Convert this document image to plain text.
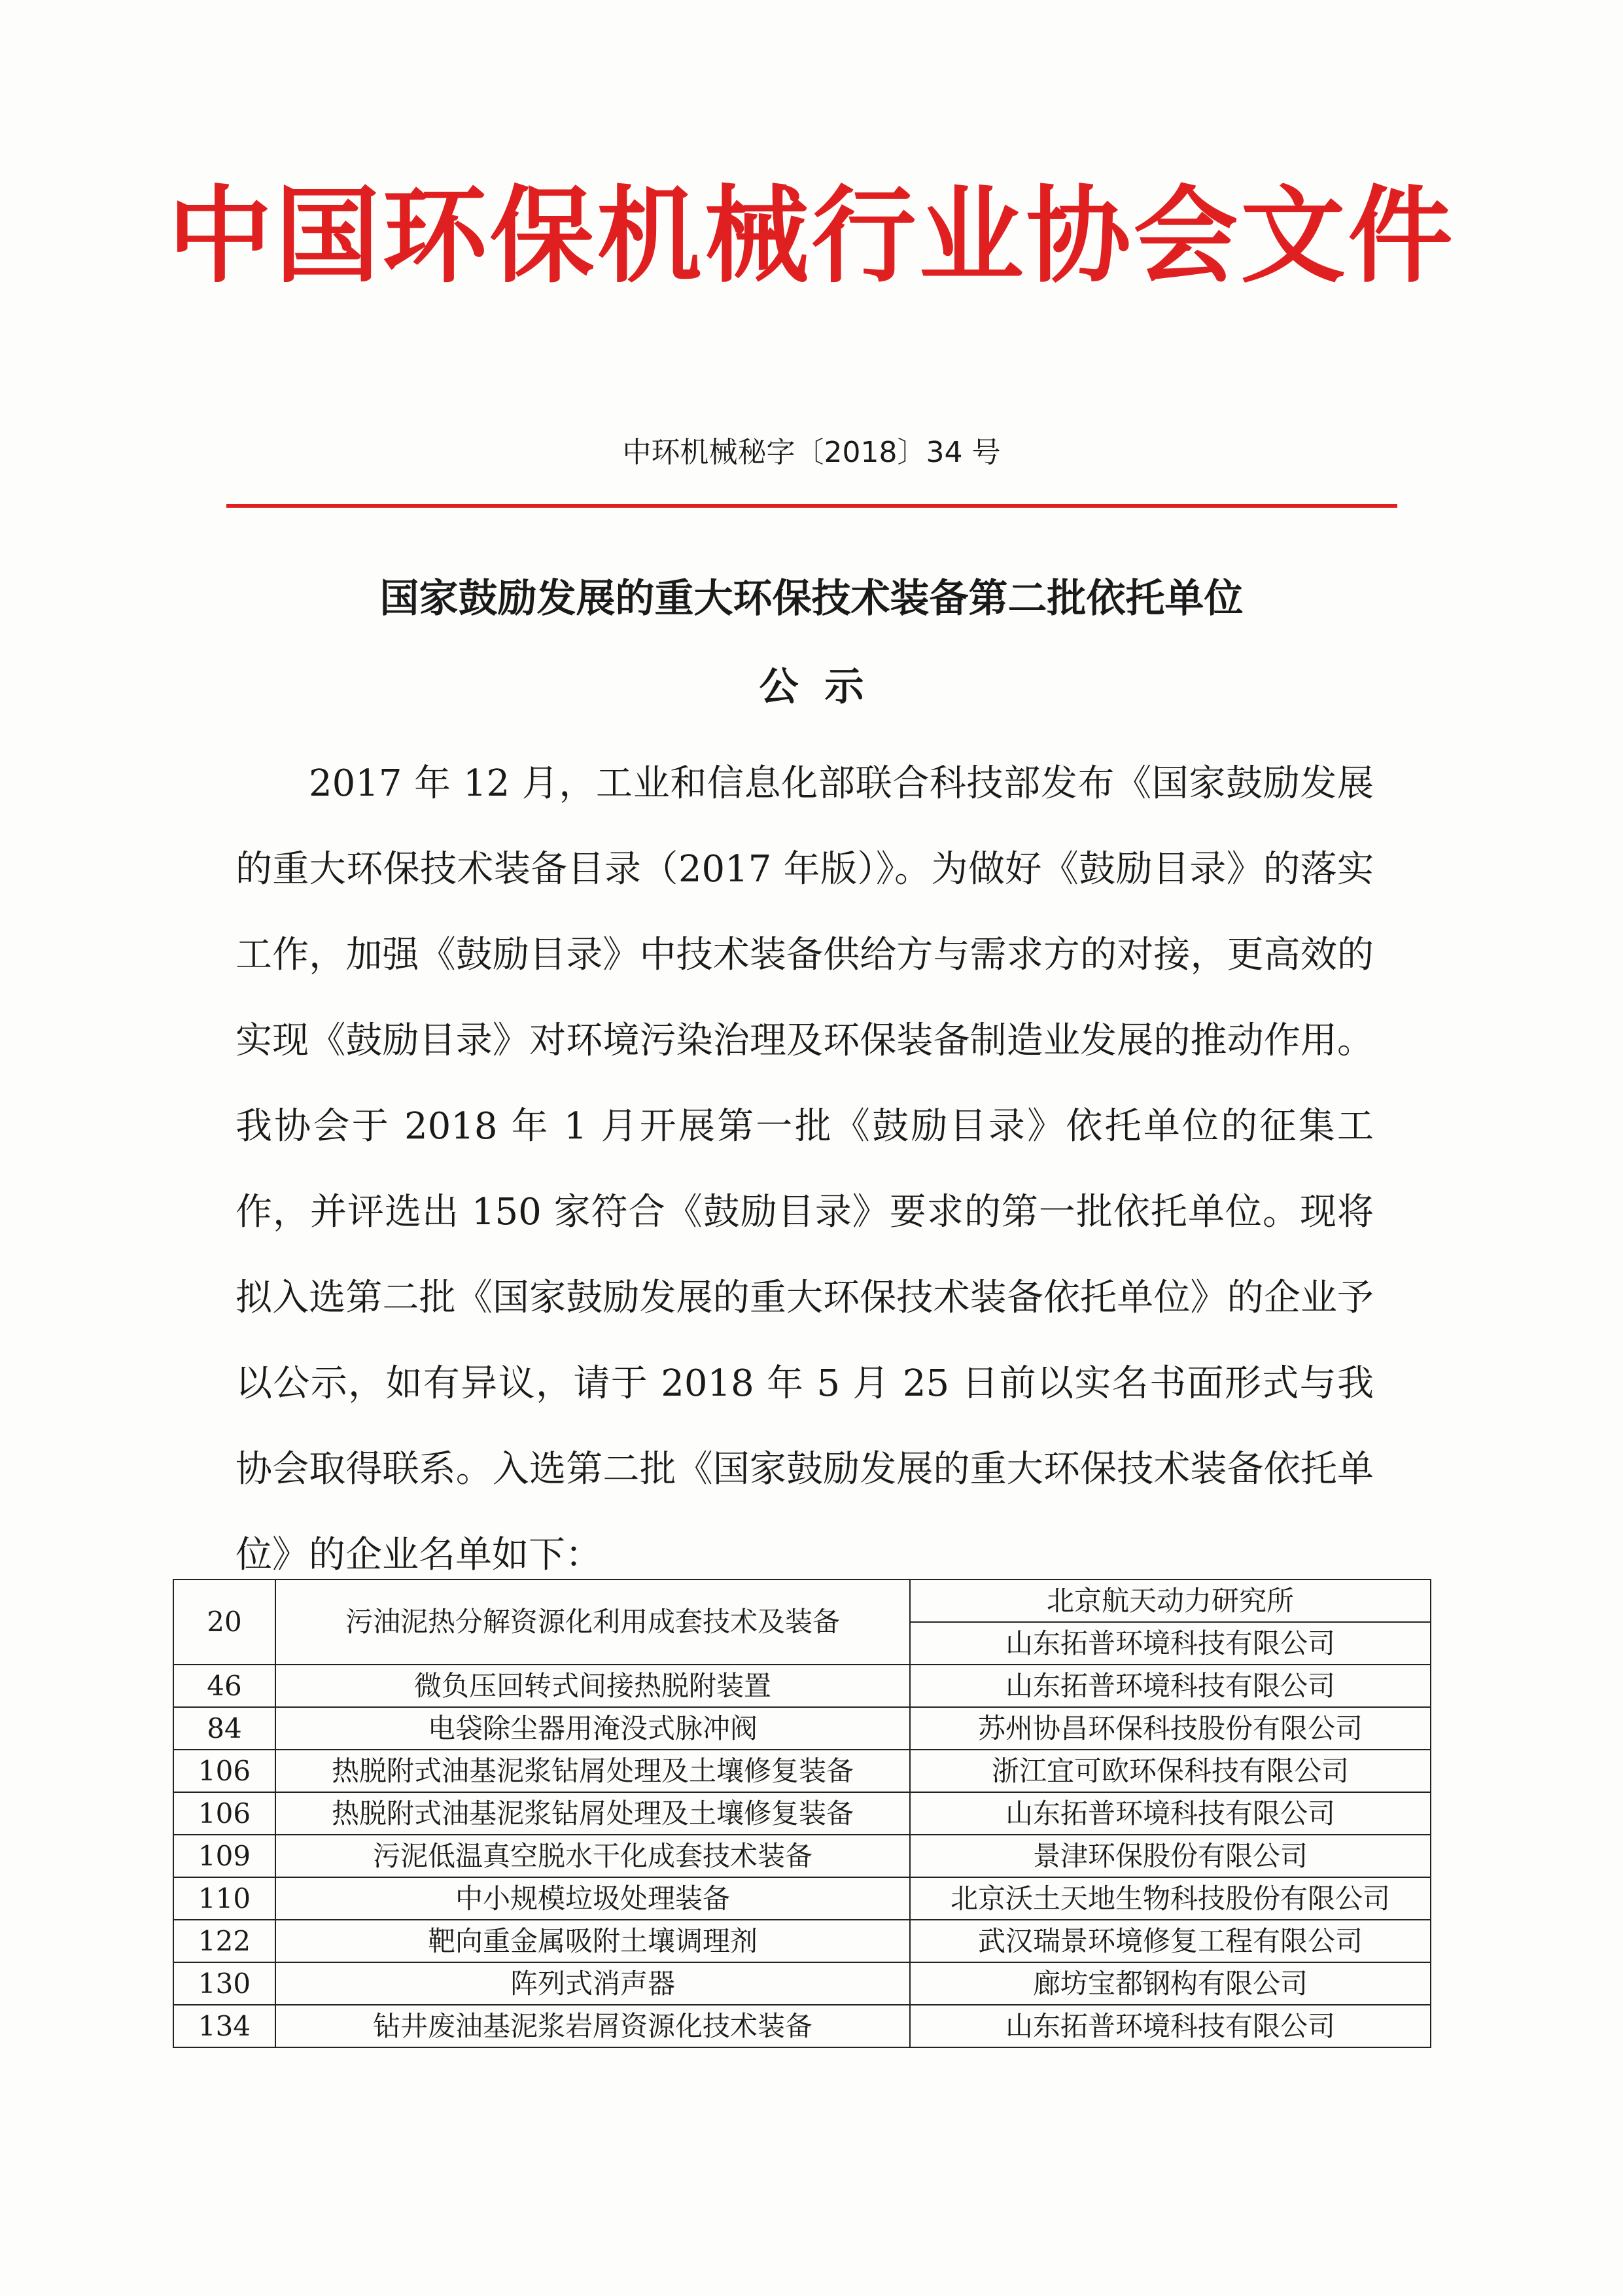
中国环保机械行业协会文件
中环机械秘字〔2018〕34 号
国家鼓励发展的重大环保技术装备第二批依托单位
公示

2017 年 12 月，工业和信息化部联合科技部发布《国家鼓励发展的重大环保技术装备目录（2017 年版）》。为做好《鼓励目录》的落实工作，加强《鼓励目录》中技术装备供给方与需求方的对接，更高效的实现《鼓励目录》对环境污染治理及环保装备制造业发展的推动作用。我协会于 2018 年 1 月开展第一批《鼓励目录》依托单位的征集工作，并评选出 150 家符合《鼓励目录》要求的第一批依托单位。现将拟入选第二批《国家鼓励发展的重大环保技术装备依托单位》的企业予以公示，如有异议，请于 2018 年 5 月 25 日前以实名书面形式与我协会取得联系。入选第二批《国家鼓励发展的重大环保技术装备依托单位》的企业名单如下：

20	污油泥热分解资源化利用成套技术及装备	北京航天动力研究所
		山东拓普环境科技有限公司
46	微负压回转式间接热脱附装置	山东拓普环境科技有限公司
84	电袋除尘器用淹没式脉冲阀	苏州协昌环保科技股份有限公司
106	热脱附式油基泥浆钻屑处理及土壤修复装备	浙江宜可欧环保科技有限公司
106	热脱附式油基泥浆钻屑处理及土壤修复装备	山东拓普环境科技有限公司
109	污泥低温真空脱水干化成套技术装备	景津环保股份有限公司
110	中小规模垃圾处理装备	北京沃土天地生物科技股份有限公司
122	靶向重金属吸附土壤调理剂	武汉瑞景环境修复工程有限公司
130	阵列式消声器	廊坊宝都钢构有限公司
134	钻井废油基泥浆岩屑资源化技术装备	山东拓普环境科技有限公司
